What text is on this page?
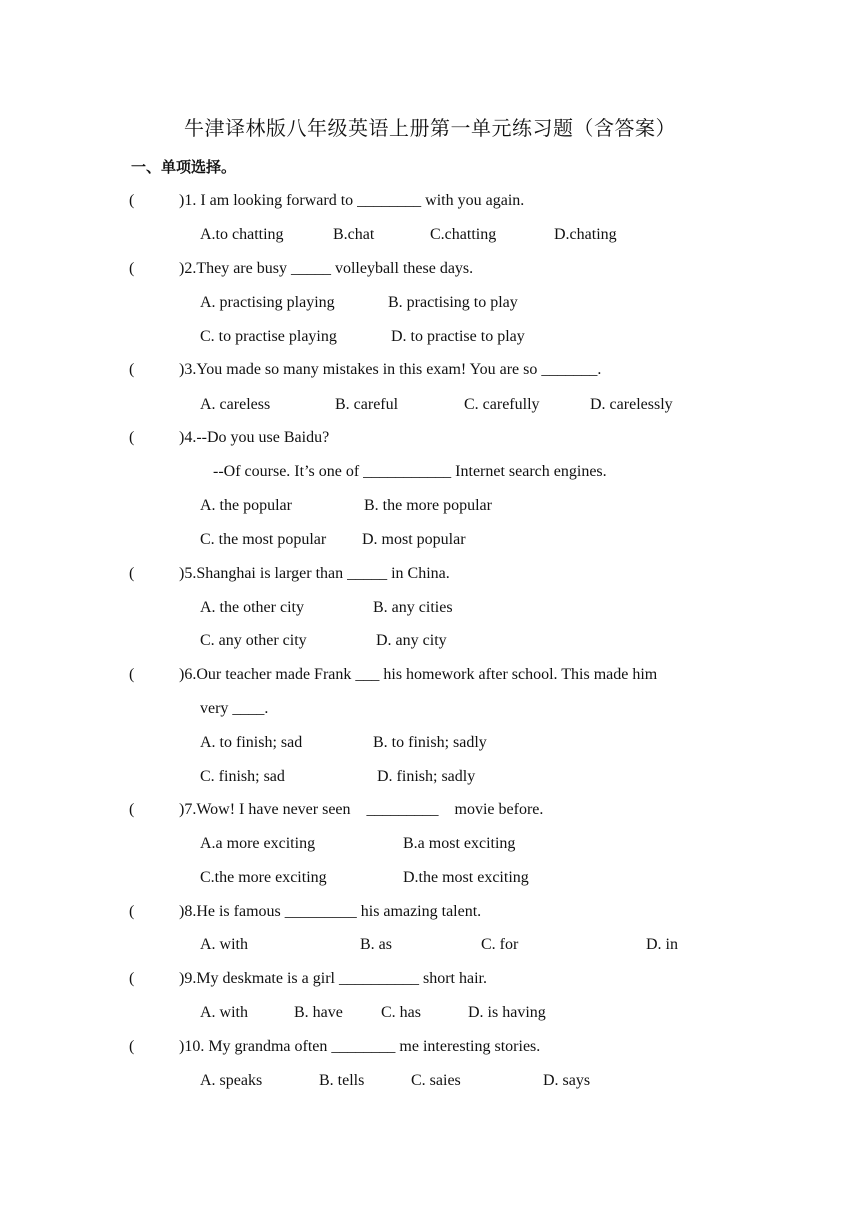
牛津译林版八年级英语上册第一单元练习题（含答案）
一、单项选择。
(	)1. I am looking forward to ________ with you again.
A.to chatting	B.chat	C.chatting	D.chating
(	)2.They are busy _____ volleyball these days.
A. practising playing	B. practising to play
C. to practise playing	D. to practise to play
(	)3.You made so many mistakes in this exam! You are so _______.
A. careless	B. careful	C. carefully	D. carelessly
(	)4.--Do you use Baidu?
--Of course. It’s one of ___________ Internet search engines.
A. the popular	B. the more popular
C. the most popular D. most popular
(	)5.Shanghai is larger than _____ in China.
A. the other city	B. any cities
C. any other city	D. any city
(	)6.Our teacher made Frank ___ his homework after school. This made him
very ____.
A. to finish; sad	B. to finish; sadly
C. finish; sad	D. finish; sadly
(	)7.Wow! I have never seen    _________    movie before.
A.a more exciting	B.a most exciting
C.the more exciting	D.the most exciting
(	)8.He is famous _________ his amazing talent.
A. with	B. as	C. for	D. in
(	)9.My deskmate is a girl __________ short hair.
A. with	B. have C. has	D. is having
(	)10. My grandma often ________ me interesting stories.
A. speaks	B. tells	C. saies	D. says
